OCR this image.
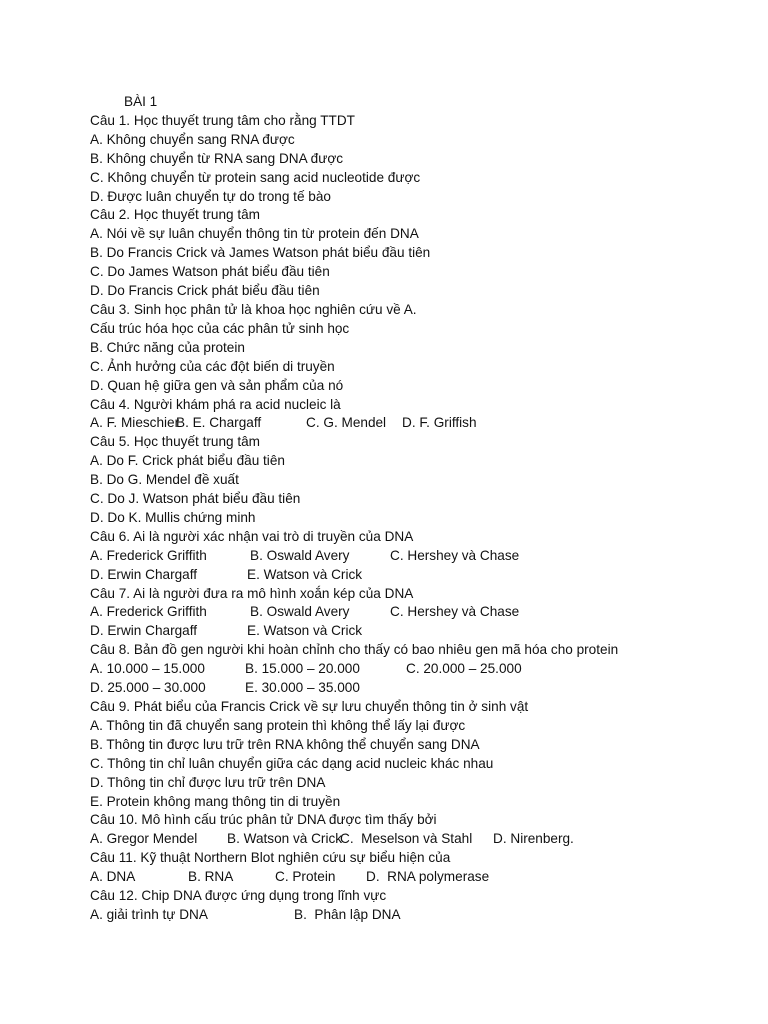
BÀI 1
Câu 1. Học thuyết trung tâm cho rằng TTDT
A. Không chuyển sang RNA được
B. Không chuyển từ RNA sang DNA được
C. Không chuyển từ protein sang acid nucleotide được
D. Được luân chuyển tự do trong tế bào
Câu 2. Học thuyết trung tâm
A. Nói về sự luân chuyển thông tin từ protein đến DNA
B. Do Francis Crick và James Watson phát biểu đầu tiên
C. Do James Watson phát biểu đầu tiên
D. Do Francis Crick phát biểu đầu tiên
Câu 3. Sinh học phân tử là khoa học nghiên cứu về A.
Cấu trúc hóa học của các phân tử sinh học
B. Chức năng của protein
C. Ảnh hưởng của các đột biến di truyền
D. Quan hệ giữa gen và sản phẩm của nó
Câu 4. Người khám phá ra acid nucleic là
A. F. Mieschier
B. E. Chargaff	C. G. Mendel D. F. Griffish
Câu 5. Học thuyết trung tâm
A. Do F. Crick phát biểu đầu tiên
B. Do G. Mendel đề xuất
C. Do J. Watson phát biểu đầu tiên
D. Do K. Mullis chứng minh
Câu 6. Ai là người xác nhận vai trò di truyền của DNA
A. Frederick Griffith	B. Oswald Avery	C. Hershey và Chase
D. Erwin Chargaff	E. Watson và Crick
Câu 7. Ai là người đưa ra mô hình xoắn kép của DNA
A. Frederick Griffith	B. Oswald Avery	C. Hershey và Chase
D. Erwin Chargaff	E. Watson và Crick
Câu 8. Bản đồ gen người khi hoàn chỉnh cho thấy có bao nhiêu gen mã hóa cho protein
A. 10.000 – 15.000	B. 15.000 – 20.000	C. 20.000 – 25.000
D. 25.000 – 30.000	E. 30.000 – 35.000
Câu 9. Phát biểu của Francis Crick về sự lưu chuyển thông tin ở sinh vật
A. Thông tin đã chuyển sang protein thì không thể lấy lại được
B. Thông tin được lưu trữ trên RNA không thể chuyển sang DNA
C. Thông tin chỉ luân chuyển giữa các dạng acid nucleic khác nhau
D. Thông tin chỉ được lưu trữ trên DNA
E. Protein không mang thông tin di truyền
Câu 10. Mô hình cấu trúc phân tử DNA được tìm thấy bởi
A. Gregor Mendel B. Watson và Crick
C.  Meselson và Stahl D. Nirenberg.
Câu 11. Kỹ thuật Northern Blot nghiên cứu sự biểu hiện của
A. DNA	B. RNA	C. Protein D.  RNA polymerase
Câu 12. Chip DNA được ứng dụng trong lĩnh vực
A. giải trình tự DNA	B.  Phân lập DNA
